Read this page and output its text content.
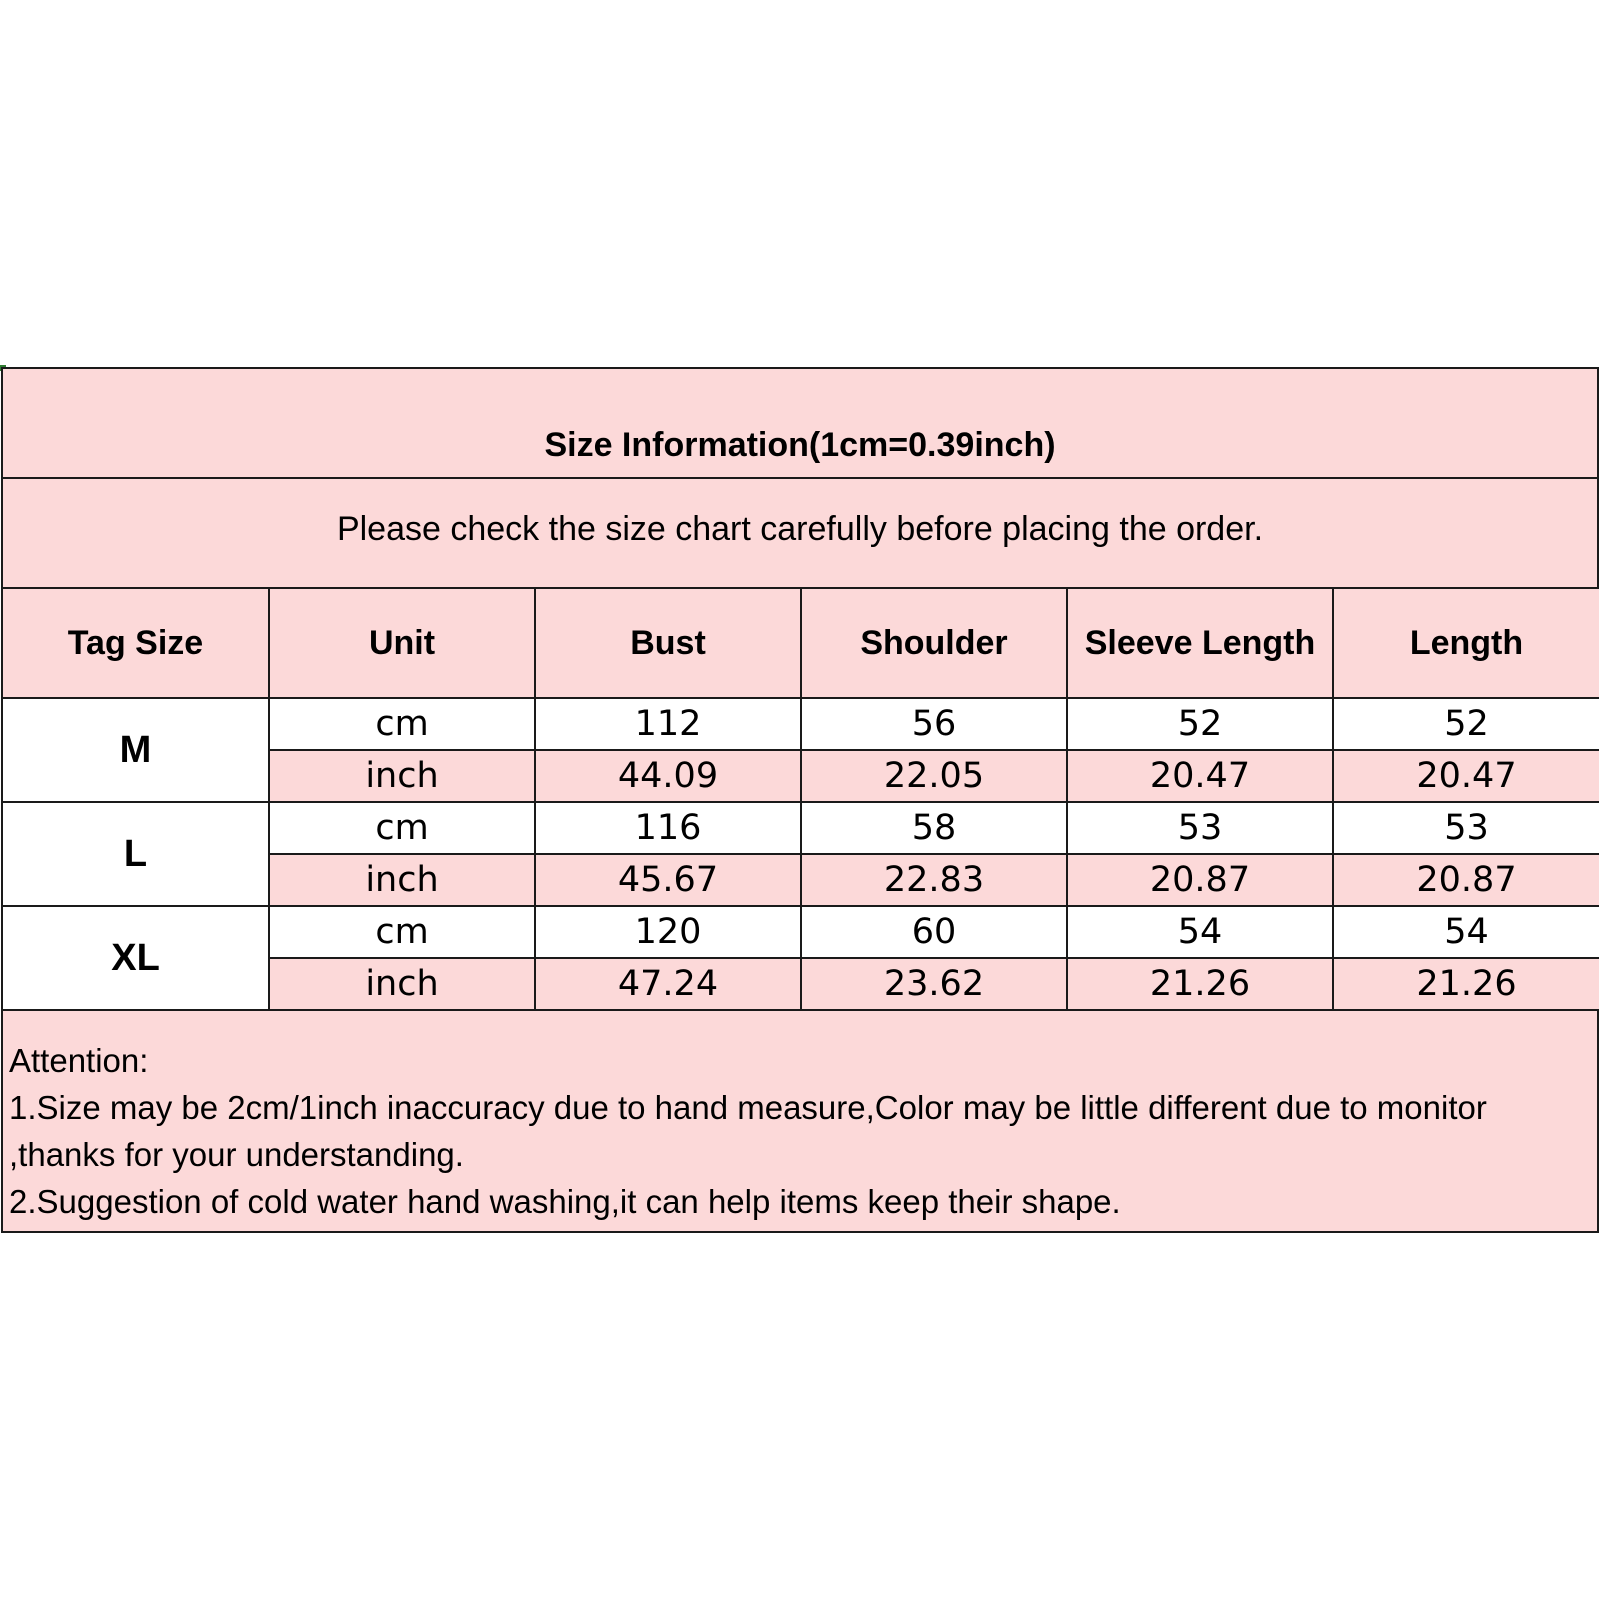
Size Information(1cm=0.39inch)
Please check the size chart carefully before placing the order.
Tag Size	Unit	Bust	Shoulder	Sleeve Length	Length
M	cm	112	56	52	52
	inch	44.09	22.05	20.47	20.47
L	cm	116	58	53	53
	inch	45.67	22.83	20.87	20.87
XL	cm	120	60	54	54
	inch	47.24	23.62	21.26	21.26
Attention:
1.Size may be 2cm/1inch inaccuracy due to hand measure,Color may be little different due to monitor ,thanks for your understanding.
2.Suggestion of cold water hand washing,it can help items keep their shape.
